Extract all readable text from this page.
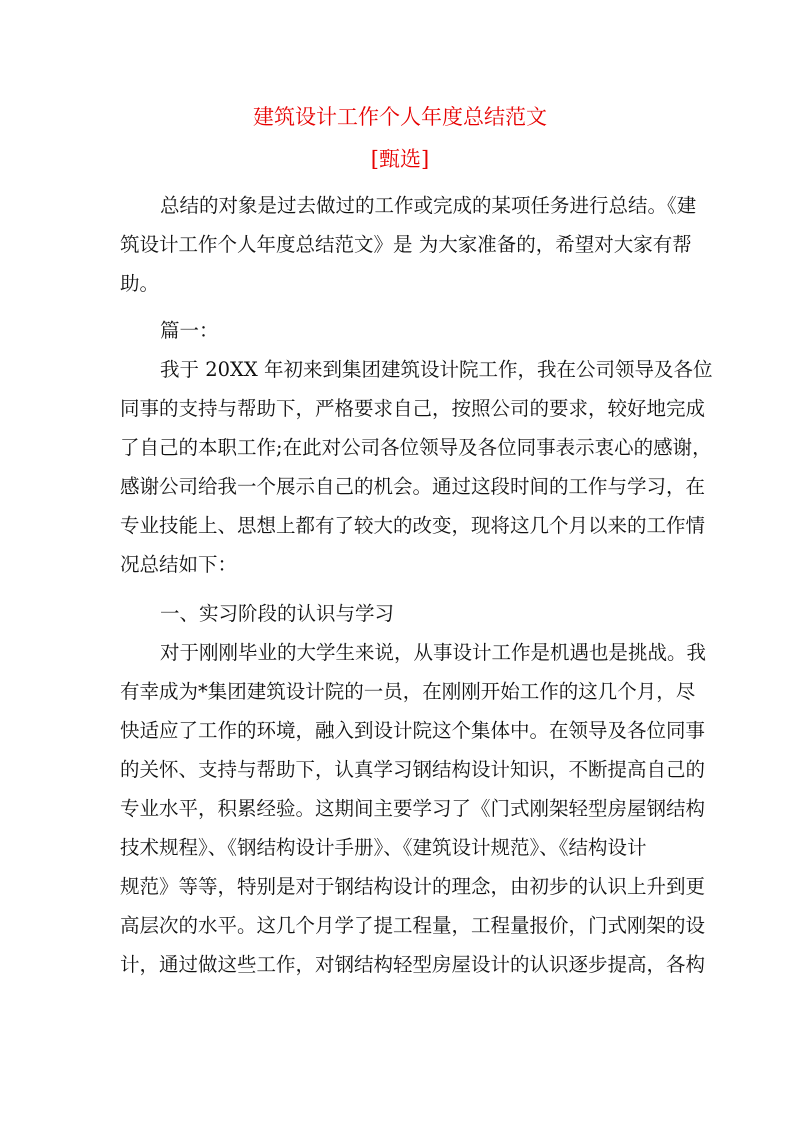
建筑设计工作个人年度总结范文
[甄选]
总结的对象是过去做过的工作或完成的某项任务进行总结。《建
筑设计工作个人年度总结范文》是 为大家准备的，希望对大家有帮
助。
篇一：
我于 20XX 年初来到集团建筑设计院工作，我在公司领导及各位
同事的支持与帮助下，严格要求自己，按照公司的要求，较好地完成
了自己的本职工作;在此对公司各位领导及各位同事表示衷心的感谢，
感谢公司给我一个展示自己的机会。通过这段时间的工作与学习，在
专业技能上、思想上都有了较大的改变，现将这几个月以来的工作情
况总结如下：
一、实习阶段的认识与学习
对于刚刚毕业的大学生来说，从事设计工作是机遇也是挑战。我
有幸成为*集团建筑设计院的一员，在刚刚开始工作的这几个月，尽
快适应了工作的环境，融入到设计院这个集体中。在领导及各位同事
的关怀、支持与帮助下，认真学习钢结构设计知识，不断提高自己的
专业水平，积累经验。这期间主要学习了《门式刚架轻型房屋钢结构
技术规程》、《钢结构设计手册》、《建筑设计规范》、《结构设计
规范》等等，特别是对于钢结构设计的理念，由初步的认识上升到更
高层次的水平。这几个月学了提工程量，工程量报价，门式刚架的设
计，通过做这些工作，对钢结构轻型房屋设计的认识逐步提高，各构
